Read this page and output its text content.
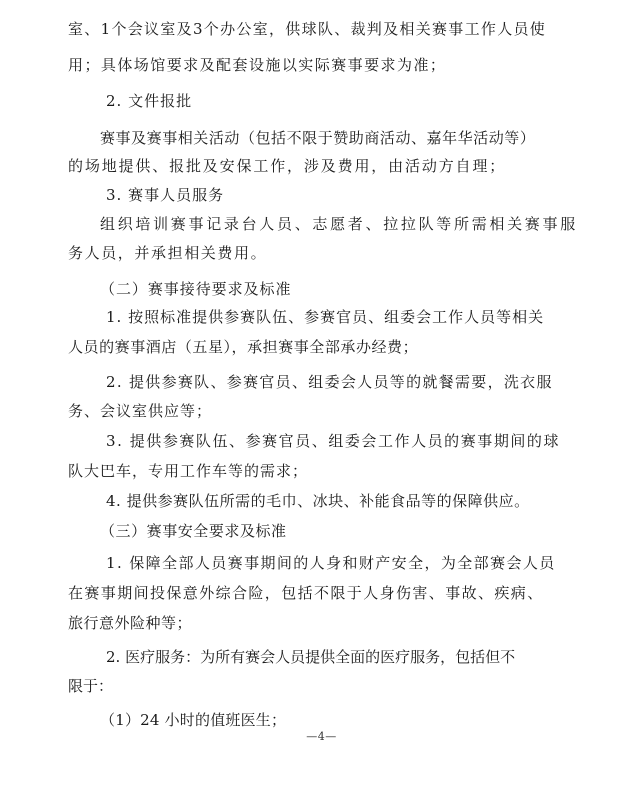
室、1个会议室及3个办公室，供球队、裁判及相关赛事工作人员使
用；具体场馆要求及配套设施以实际赛事要求为准；
2. 文件报批
赛事及赛事相关活动（包括不限于赞助商活动、嘉年华活动等）
的场地提供、报批及安保工作，涉及费用，由活动方自理；
3. 赛事人员服务
组织培训赛事记录台人员、志愿者、拉拉队等所需相关赛事服
务人员，并承担相关费用。
（二）赛事接待要求及标准
1. 按照标准提供参赛队伍、参赛官员、组委会工作人员等相关
人员的赛事酒店（五星），承担赛事全部承办经费；
2. 提供参赛队、参赛官员、组委会人员等的就餐需要，洗衣服
务、会议室供应等；
3. 提供参赛队伍、参赛官员、组委会工作人员的赛事期间的球
队大巴车，专用工作车等的需求；
4. 提供参赛队伍所需的毛巾、冰块、补能食品等的保障供应。
（三）赛事安全要求及标准
1. 保障全部人员赛事期间的人身和财产安全，为全部赛会人员
在赛事期间投保意外综合险，包括不限于人身伤害、事故、疾病、
旅行意外险种等；
2. 医疗服务：为所有赛会人员提供全面的医疗服务，包括但不
限于：
（1）24 小时的值班医生；
—4—
